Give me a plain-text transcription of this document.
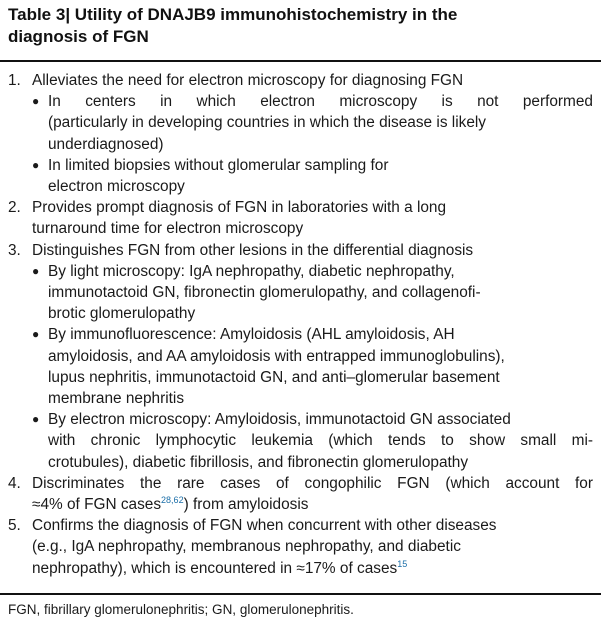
Table 3| Utility of DNAJB9 immunohistochemistry in the
diagnosis of FGN
1. Alleviates the need for electron microscopy for diagnosing FGN
● In centers in which electron microscopy is not performed
(particularly in developing countries in which the disease is likely
underdiagnosed)
● In limited biopsies without glomerular sampling for
electron microscopy
2. Provides prompt diagnosis of FGN in laboratories with a long
turnaround time for electron microscopy
3. Distinguishes FGN from other lesions in the differential diagnosis
● By light microscopy: IgA nephropathy, diabetic nephropathy,
immunotactoid GN, fibronectin glomerulopathy, and collagenofi-
brotic glomerulopathy
● By immunofluorescence: Amyloidosis (AHL amyloidosis, AH
amyloidosis, and AA amyloidosis with entrapped immunoglobulins),
lupus nephritis, immunotactoid GN, and anti–glomerular basement
membrane nephritis
● By electron microscopy: Amyloidosis, immunotactoid GN associated
with chronic lymphocytic leukemia (which tends to show small mi-
crotubules), diabetic fibrillosis, and fibronectin glomerulopathy
4. Discriminates the rare cases of congophilic FGN (which account for
≈4% of FGN cases$^{28,62}$) from amyloidosis
5. Confirms the diagnosis of FGN when concurrent with other diseases
(e.g., IgA nephropathy, membranous nephropathy, and diabetic
nephropathy), which is encountered in ≈17% of cases$^{15}$
FGN, fibrillary glomerulonephritis; GN, glomerulonephritis.
